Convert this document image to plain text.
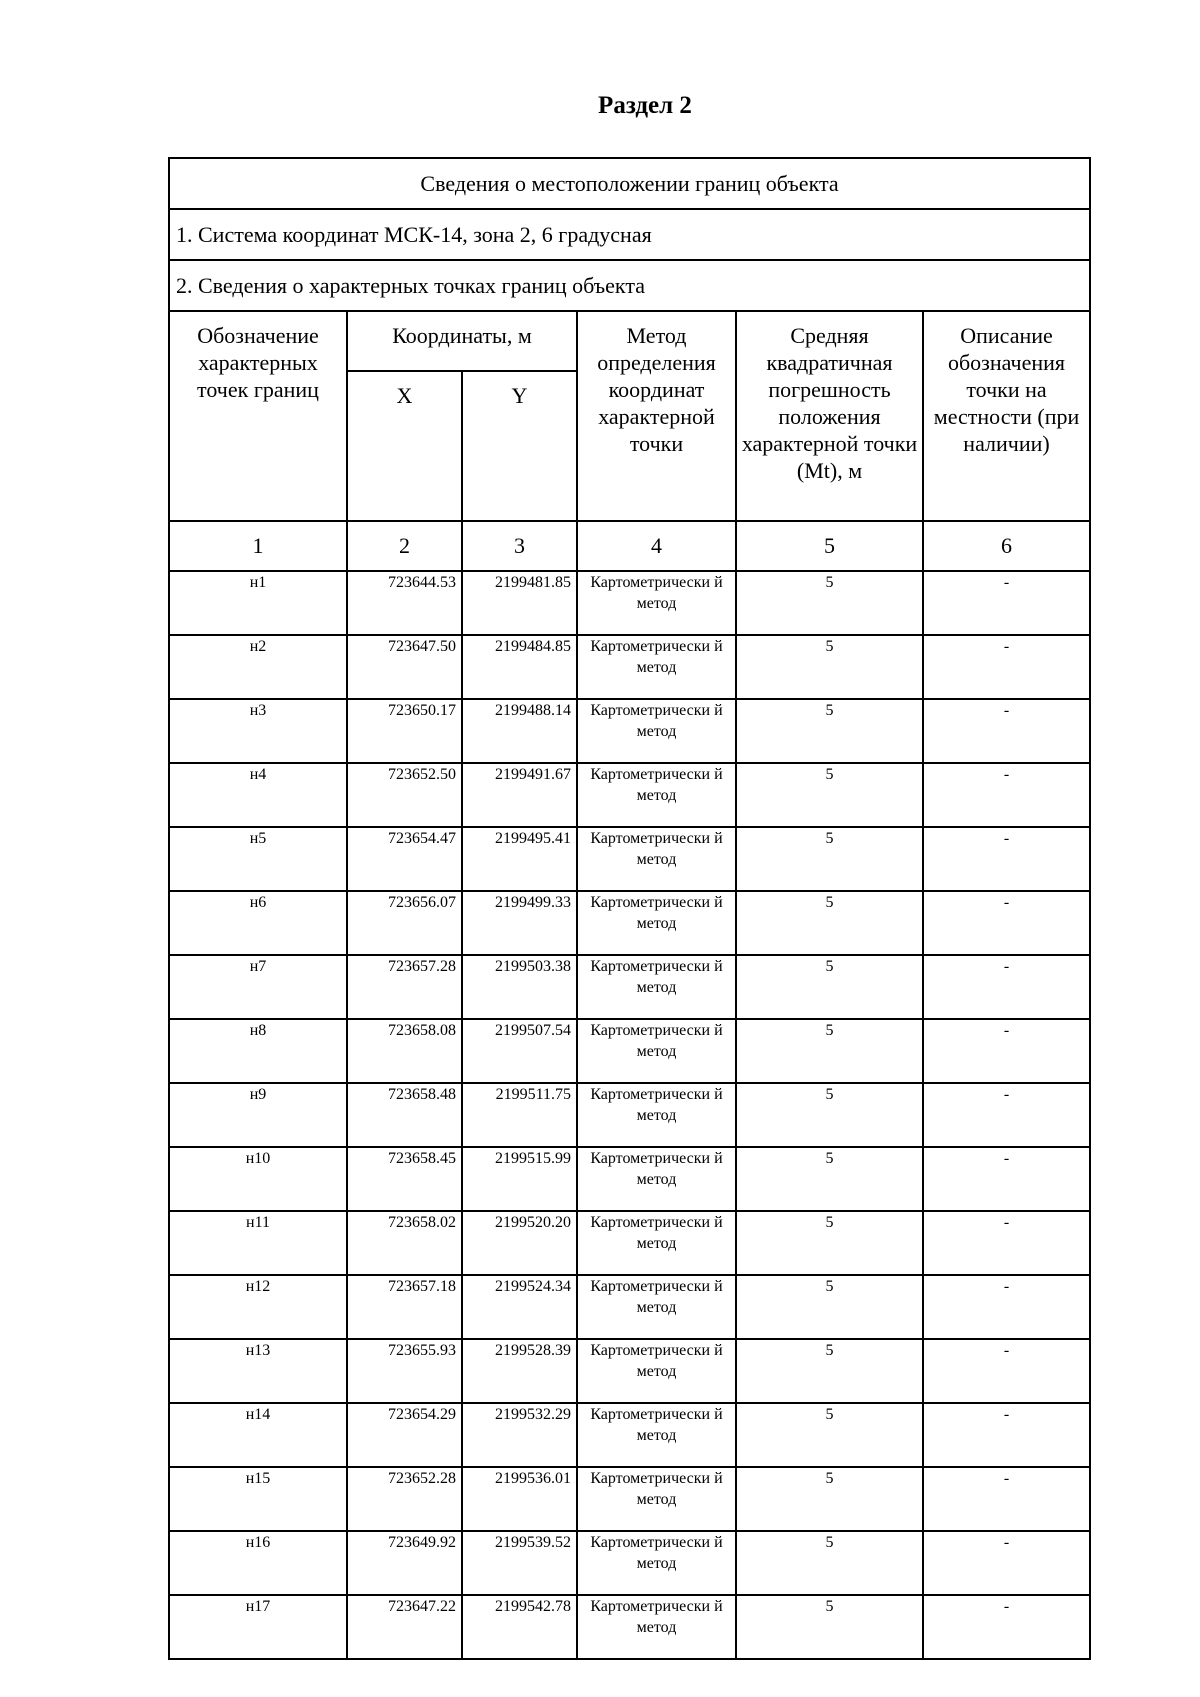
Раздел 2
Сведения о местоположении границ объекта					
1. Система координат МСК-14, зона 2, 6 градусная					
2. Сведения о характерных точках границ объекта					
Обозначение характерных точек границ	Координаты, м		Метод определения координат характерной точки	Средняя квадратичная погрешность положения характерной точки (Mt), м	Описание обозначения точки на местности (при наличии)
	X	Y			
1	2	3	4	5	6
н1	723644.53	2199481.85	Картометрически й метод	5	-
н2	723647.50	2199484.85	Картометрически й метод	5	-
н3	723650.17	2199488.14	Картометрически й метод	5	-
н4	723652.50	2199491.67	Картометрически й метод	5	-
н5	723654.47	2199495.41	Картометрически й метод	5	-
н6	723656.07	2199499.33	Картометрически й метод	5	-
н7	723657.28	2199503.38	Картометрически й метод	5	-
н8	723658.08	2199507.54	Картометрически й метод	5	-
н9	723658.48	2199511.75	Картометрически й метод	5	-
н10	723658.45	2199515.99	Картометрически й метод	5	-
н11	723658.02	2199520.20	Картометрически й метод	5	-
н12	723657.18	2199524.34	Картометрически й метод	5	-
н13	723655.93	2199528.39	Картометрически й метод	5	-
н14	723654.29	2199532.29	Картометрически й метод	5	-
н15	723652.28	2199536.01	Картометрически й метод	5	-
н16	723649.92	2199539.52	Картометрически й метод	5	-
н17	723647.22	2199542.78	Картометрически й метод	5	-
